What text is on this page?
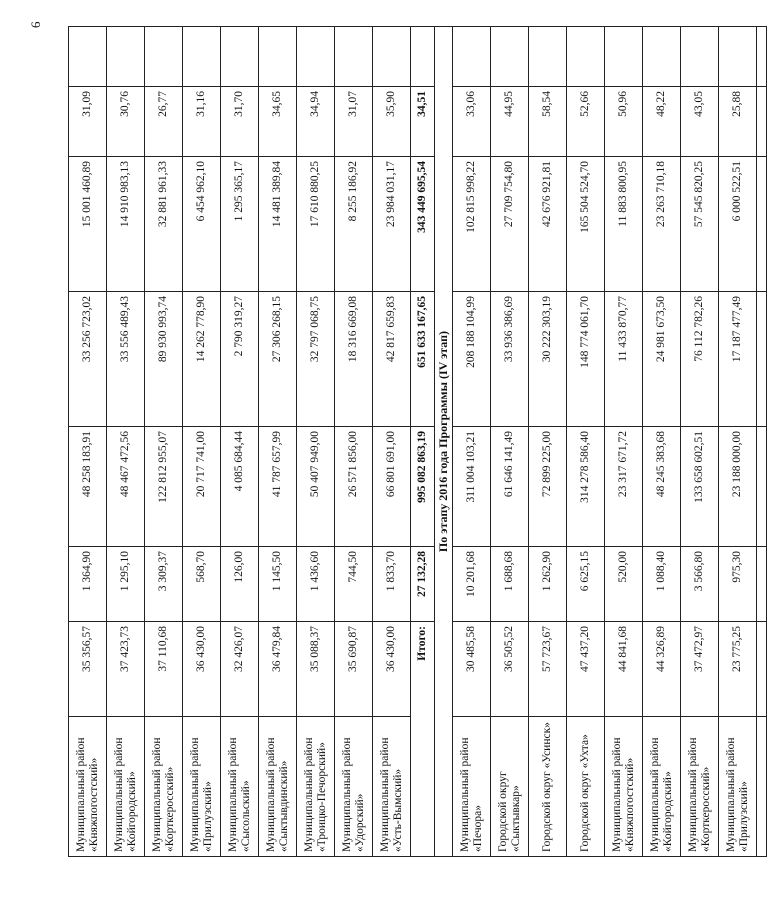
6
Муниципальный район «Княжпогостский»	35 356,57	1 364,90	48 258 183,91	33 256 723,02	15 001 460,89	31,09	
Муниципальный район «Койгородский»	37 423,73	1 295,10	48 467 472,56	33 556 489,43	14 910 983,13	30,76	
Муниципальный район «Корткеросский»	37 110,68	3 309,37	122 812 955,07	89 930 993,74	32 881 961,33	26,77	
Муниципальный район «Прилузский»	36 430,00	568,70	20 717 741,00	14 262 778,90	6 454 962,10	31,16	
Муниципальный район «Сысольский»	32 426,07	126,00	4 085 684,44	2 790 319,27	1 295 365,17	31,70	
Муниципальный район «Сыктывдинский»	36 479,84	1 145,50	41 787 657,99	27 306 268,15	14 481 389,84	34,65	
Муниципальный район «Троицко-Печорский»	35 088,37	1 436,60	50 407 949,00	32 797 068,75	17 610 880,25	34,94	
Муниципальный район «Удорский»	35 690,87	744,50	26 571 856,00	18 316 669,08	8 255 186,92	31,07	
Муниципальный район «Усть-Вымский»	36 430,00	1 833,70	66 801 691,00	42 817 659,83	23 984 031,17	35,90	
Итого:		27 132,28	995 082 863,19	651 633 167,65	343 449 695,54	34,51	
По этапу 2016 года Программы (IV этап)							
Муниципальный район «Печора»	30 485,58	10 201,68	311 004 103,21	208 188 104,99	102 815 998,22	33,06	
Городской округ «Сыктывкар»	36 505,52	1 688,68	61 646 141,49	33 936 386,69	27 709 754,80	44,95	
Городской округ «Усинск»	57 723,67	1 262,90	72 899 225,00	30 222 303,19	42 676 921,81	58,54	
Городской округ «Ухта»	47 437,20	6 625,15	314 278 586,40	148 774 061,70	165 504 524,70	52,66	
Муниципальный район «Княжпогостский»	44 841,68	520,00	23 317 671,72	11 433 870,77	11 883 800,95	50,96	
Муниципальный район «Койгородский»	44 326,89	1 088,40	48 245 383,68	24 981 673,50	23 263 710,18	48,22	
Муниципальный район «Корткеросский»	37 472,97	3 566,80	133 658 602,51	76 112 782,26	57 545 820,25	43,05	
Муниципальный район «Прилузский»	23 775,25	975,30	23 188 000,00	17 187 477,49	6 000 522,51	25,88	
